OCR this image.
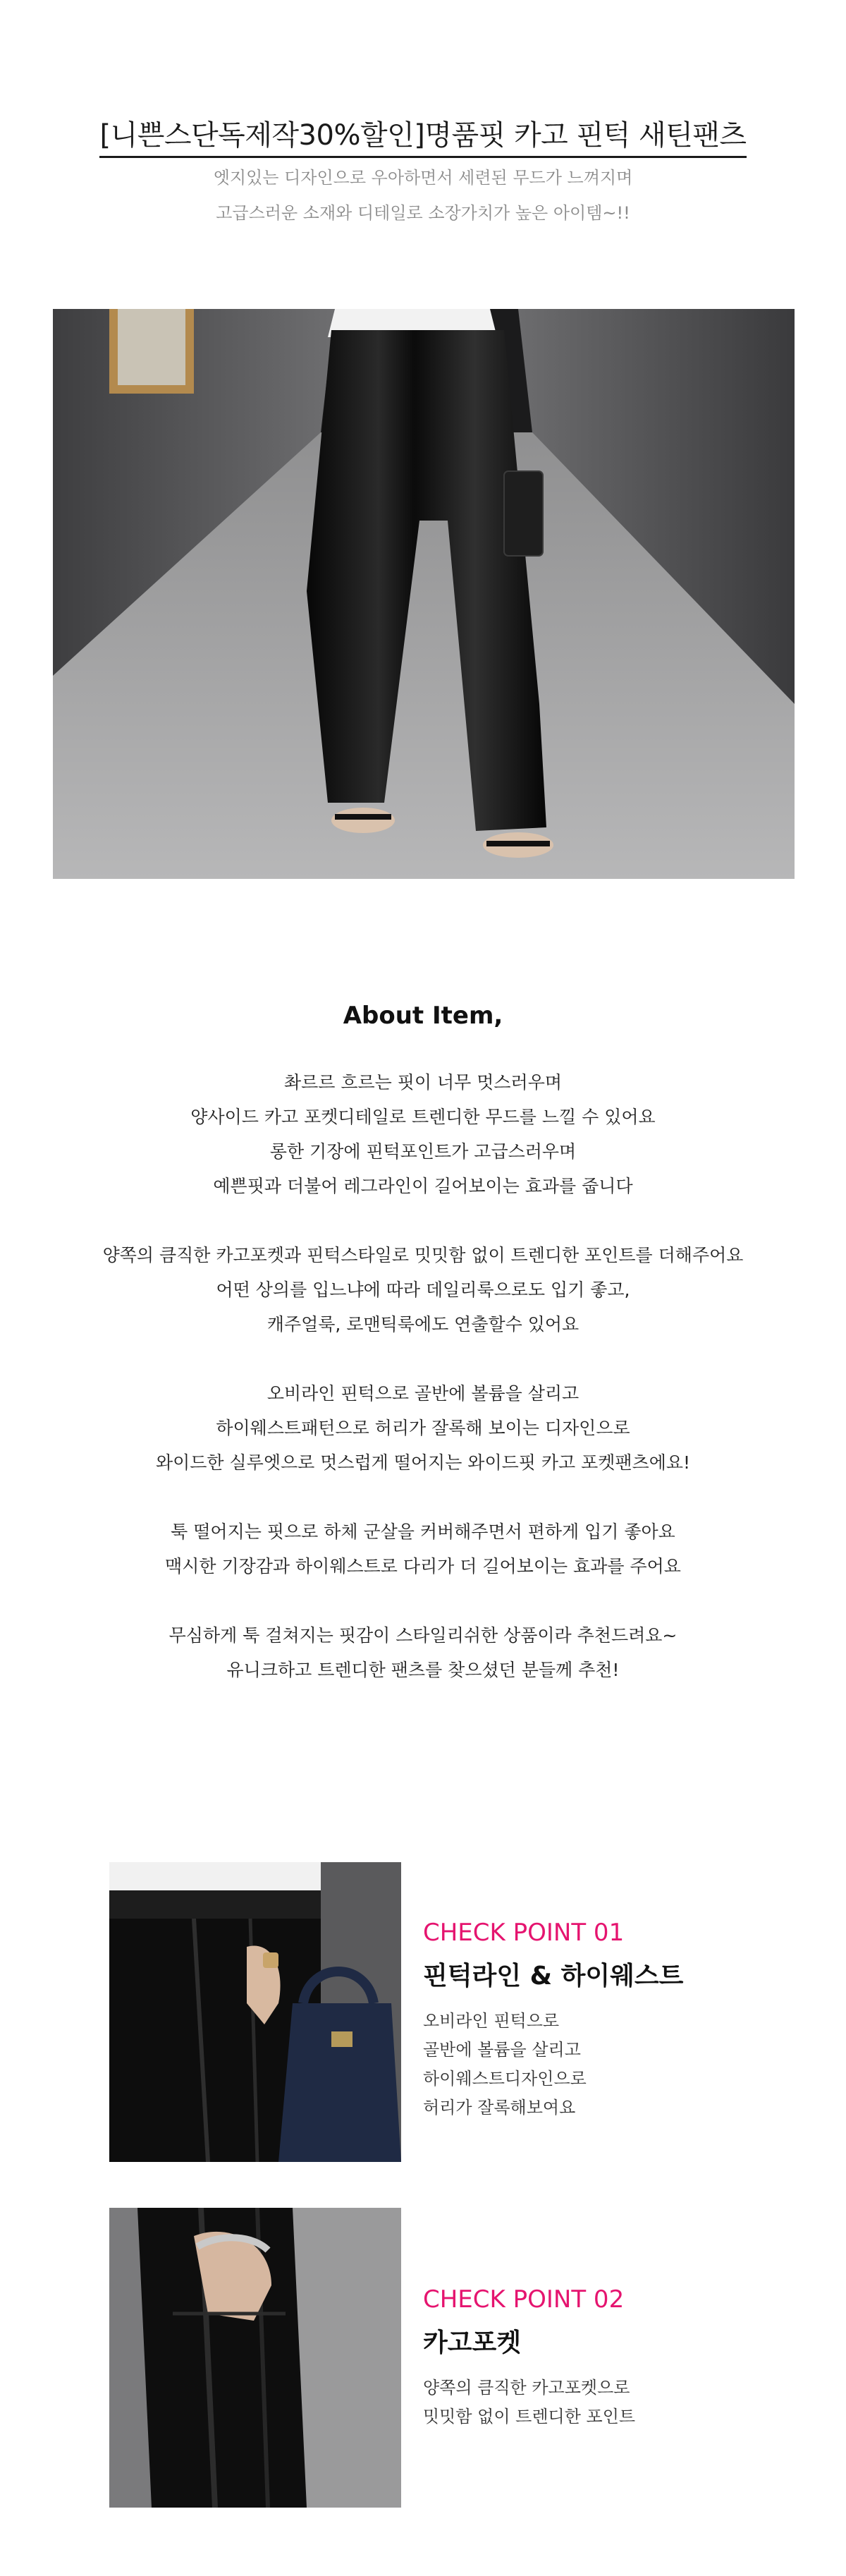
[니쁜스단독제작30%할인]명품핏 카고 핀턱 새틴팬츠
엣지있는 디자인으로 우아하면서 세련된 무드가 느껴지며
고급스러운 소재와 디테일로 소장가치가 높은 아이템~!!
About Item,
촤르르 흐르는 핏이 너무 멋스러우며
양사이드 카고 포켓디테일로 트렌디한 무드를 느낄 수 있어요
롱한 기장에 핀턱포인트가 고급스러우며
예쁜핏과 더불어 레그라인이 길어보이는 효과를 줍니다
양쪽의 큼직한 카고포켓과 핀턱스타일로 밋밋함 없이 트렌디한 포인트를 더해주어요
어떤 상의를 입느냐에 따라 데일리룩으로도 입기 좋고,
캐주얼룩, 로맨틱룩에도 연출할수 있어요
오비라인 핀턱으로 골반에 볼륨을 살리고
하이웨스트패턴으로 허리가 잘록해 보이는 디자인으로
와이드한 실루엣으로 멋스럽게 떨어지는 와이드핏 카고 포켓팬츠에요!
툭 떨어지는 핏으로 하체 군살을 커버해주면서 편하게 입기 좋아요
맥시한 기장감과 하이웨스트로 다리가 더 길어보이는 효과를 주어요
무심하게 툭 걸쳐지는 핏감이 스타일리쉬한 상품이라 추천드려요~
유니크하고 트렌디한 팬츠를 찾으셨던 분들께 추천!
CHECK POINT 01
핀턱라인 & 하이웨스트
오비라인 핀턱으로
골반에 볼륨을 살리고
하이웨스트디자인으로
허리가 잘록해보여요
CHECK POINT 02
카고포켓
양쪽의 큼직한 카고포켓으로
밋밋함 없이 트렌디한 포인트
